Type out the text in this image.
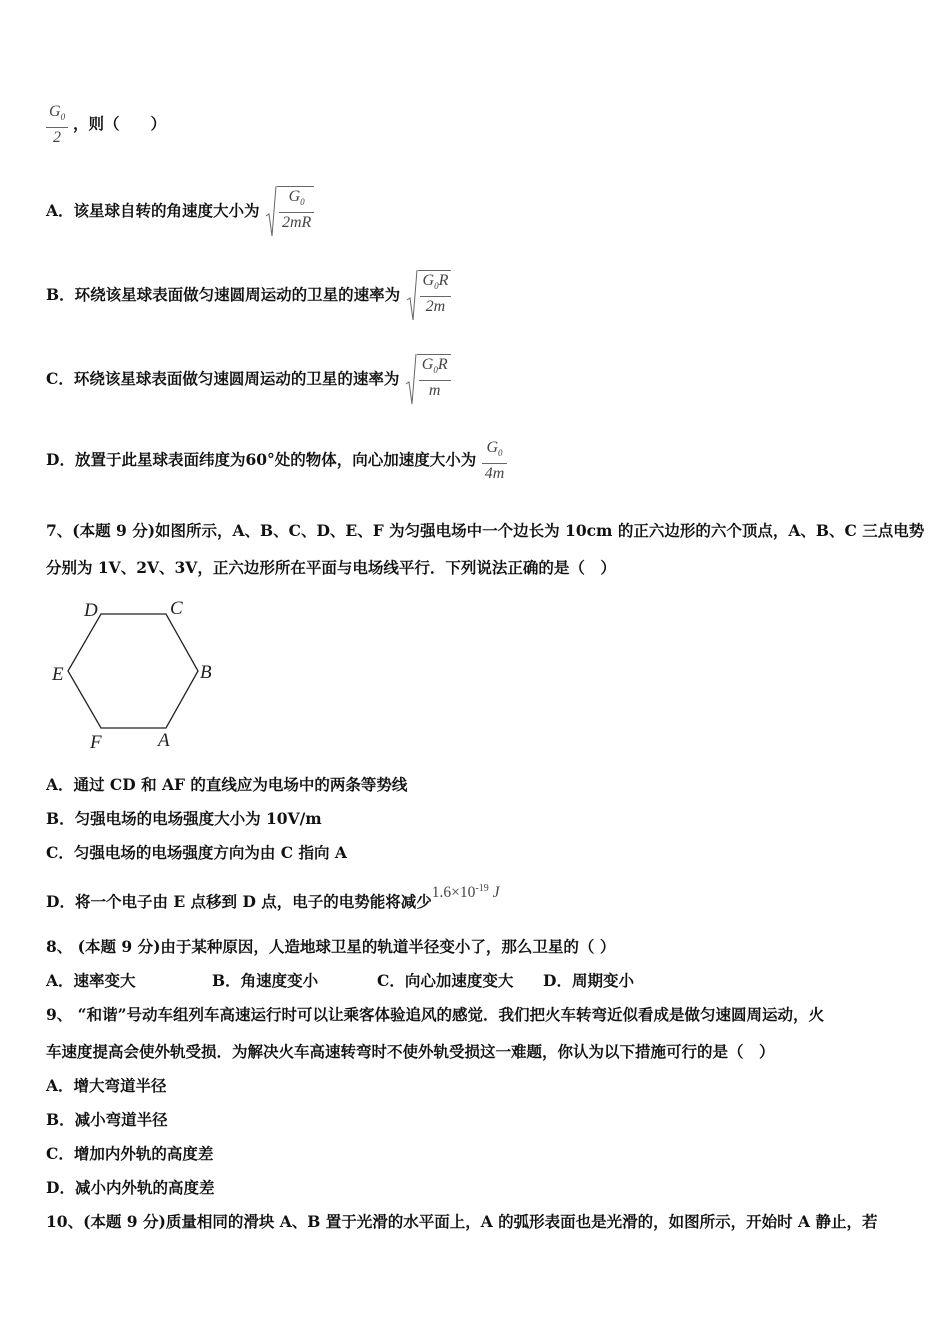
$\frac{G_0}{2}$ ，则（　　）
A．该星球自转的角速度大小为 $\frac{G_0}{2mR}$
B．环绕该星球表面做匀速圆周运动的卫星的速率为 $\frac{G_0R}{2m}$
C．环绕该星球表面做匀速圆周运动的卫星的速率为 $\frac{G_0R}{m}$
D．放置于此星球表面纬度为60°处的物体，向心加速度大小为 $\frac{G_0}{4m}$
7、(本题 9 分)如图所示，A、B、C、D、E、F 为匀强电场中一个边长为 10cm 的正六边形的六个顶点，A、B、C 三点电势
分别为 1V、2V、3V，正六边形所在平面与电场线平行．下列说法正确的是（　）
D	C
E	B
F	A
A．通过 CD 和 AF 的直线应为电场中的两条等势线
B．匀强电场的电场强度大小为 10V/m
C．匀强电场的电场强度方向为由 C 指向 A
D．将一个电子由 E 点移到 D 点，电子的电势能将减少$1.6\times 10^{-19}$ J
8、 (本题 9 分)由于某种原因，人造地球卫星的轨道半径变小了，那么卫星的（ ）
A．速率变大	B．角速度变小	C．向心加速度变大 D．周期变小
9、 “和谐”号动车组列车高速运行时可以让乘客体验追风的感觉．我们把火车转弯近似看成是做匀速圆周运动，火
车速度提高会使外轨受损．为解决火车高速转弯时不使外轨受损这一难题，你认为以下措施可行的是（　）
A．增大弯道半径
B．减小弯道半径
C．增加内外轨的高度差
D．减小内外轨的高度差
10、(本题 9 分)质量相同的滑块 A、B 置于光滑的水平面上，A 的弧形表面也是光滑的，如图所示，开始时 A 静止，若
